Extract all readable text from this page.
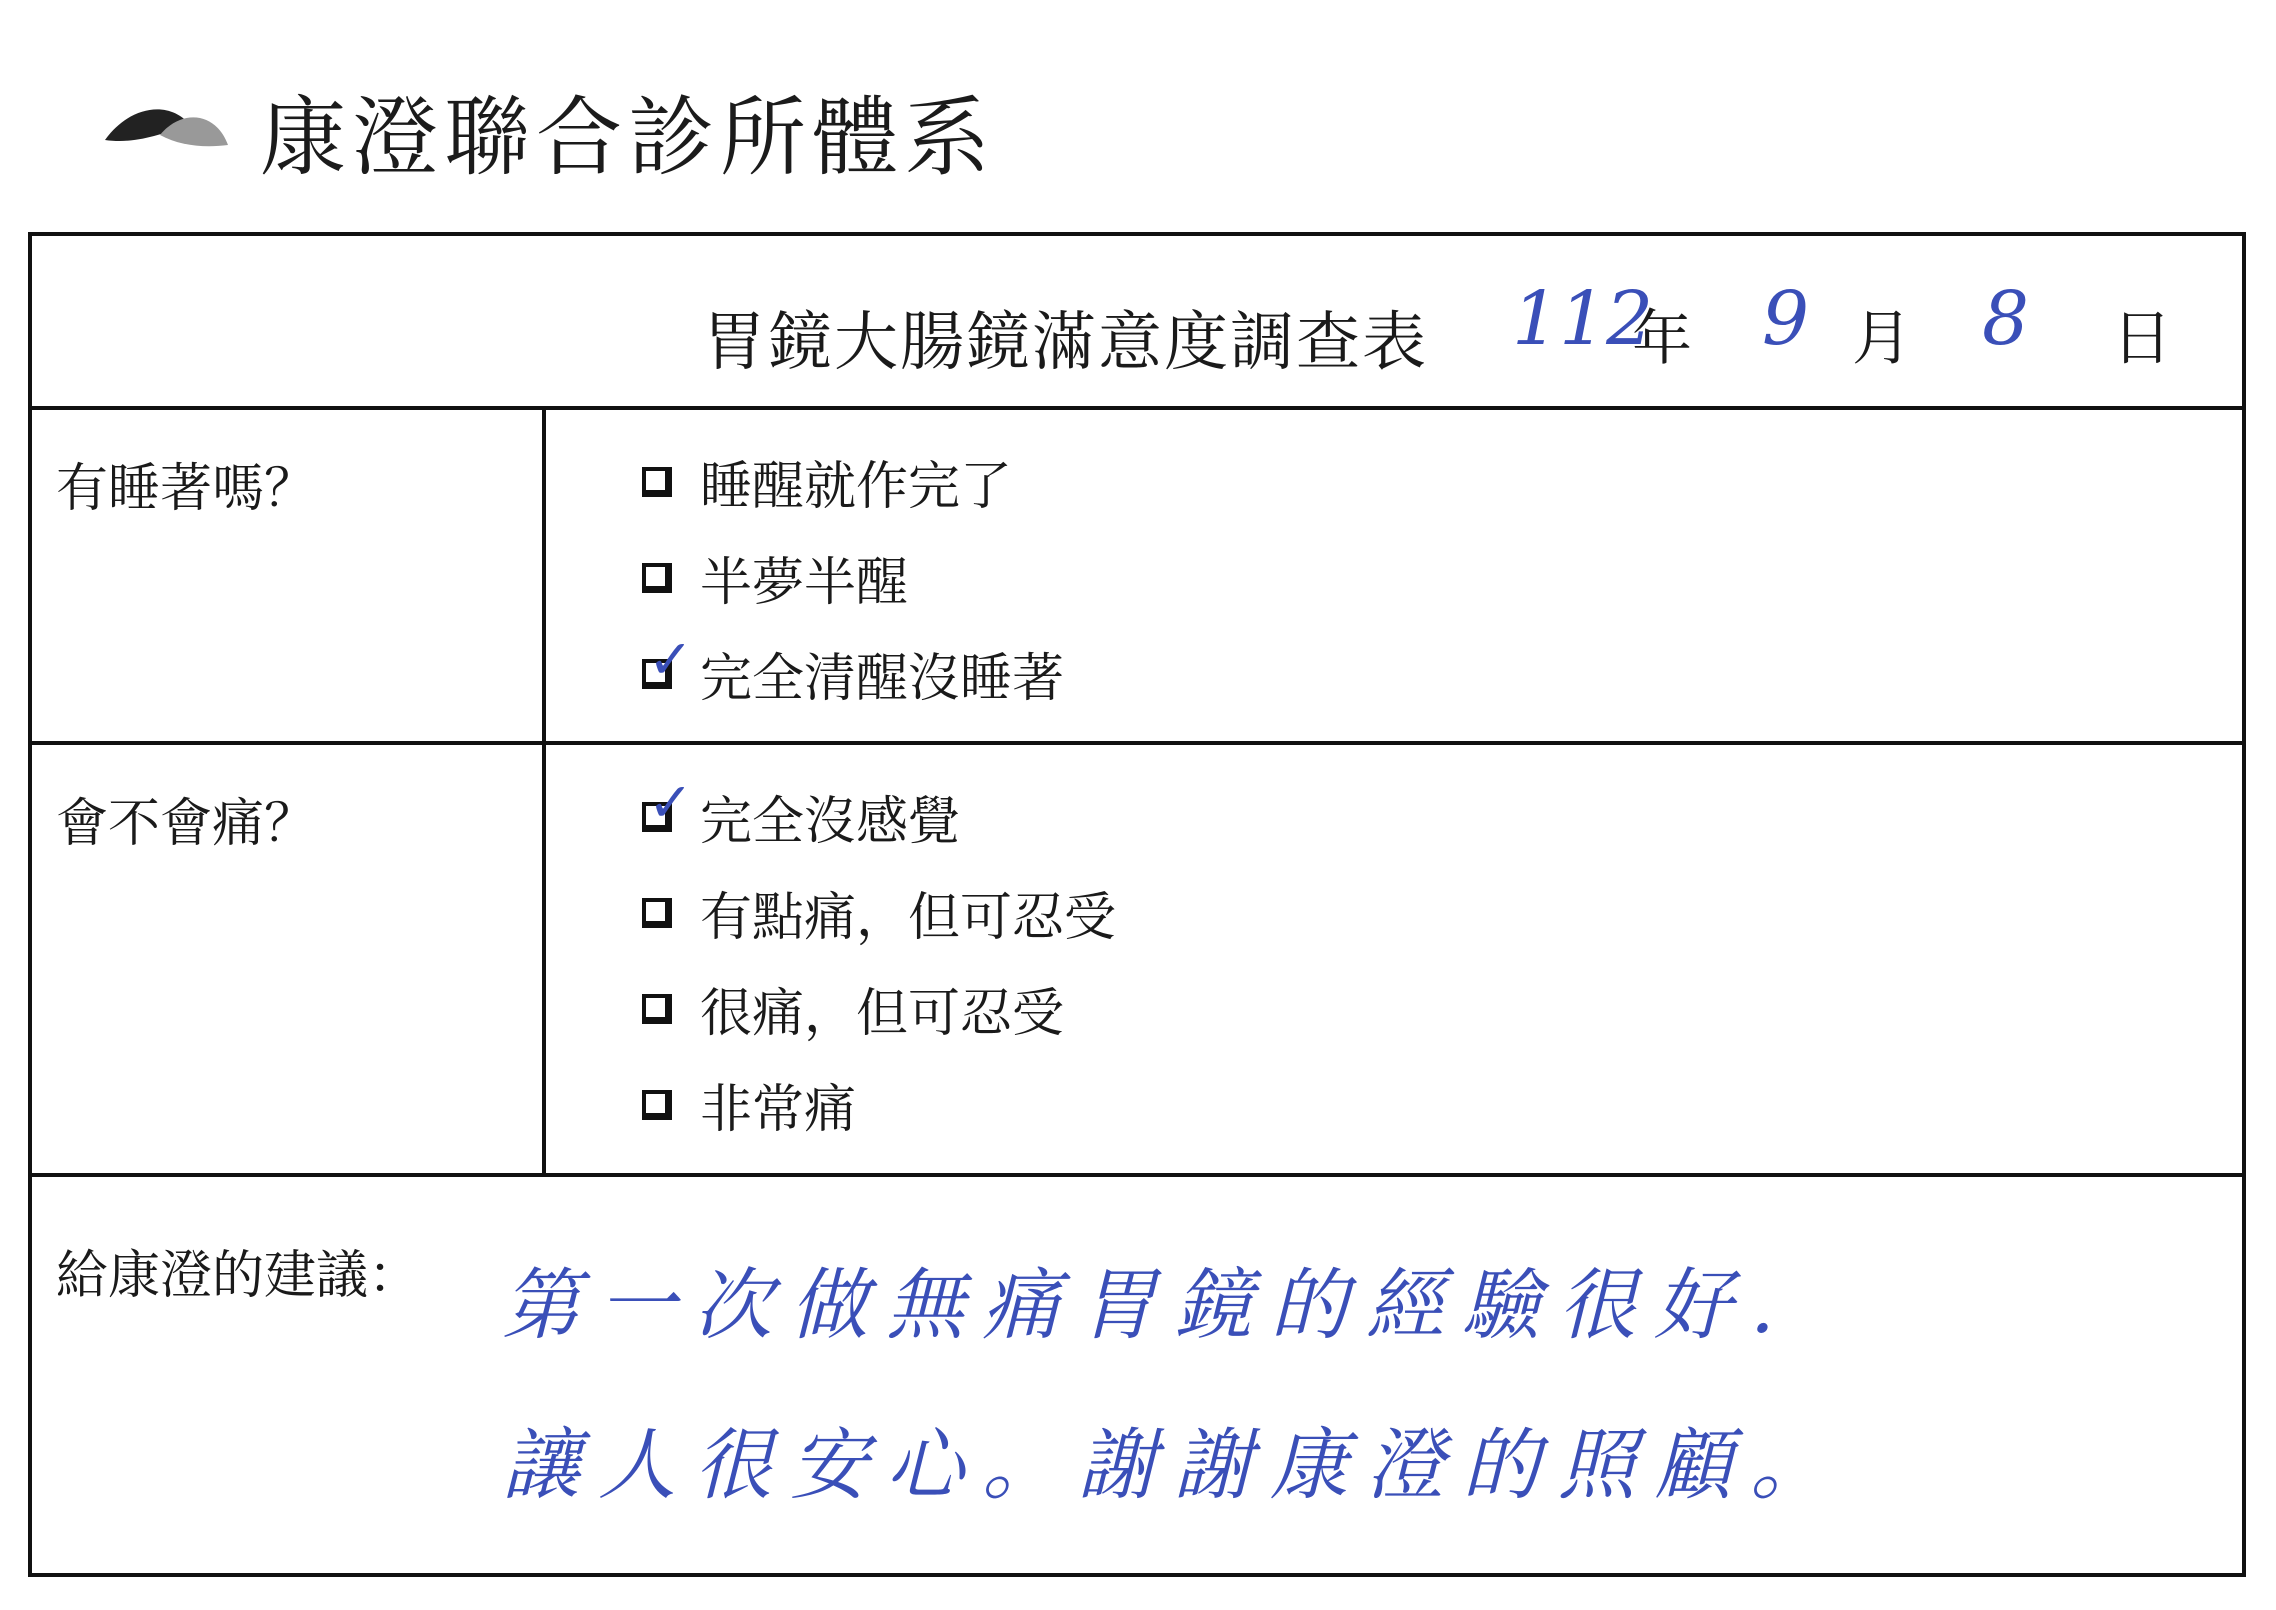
康澄聯合診所體系
胃鏡大腸鏡滿意度調查表 112
年 9 月 8 日
有睡著嗎？	睡醒就作完了
半夢半醒
✓ 完全清醒沒睡著
會不會痛？	✓ 完全沒感覺
有點痛，但可忍受
很痛，但可忍受
非常痛
給康澄的建議： 第一次做無痛胃鏡的經驗很好.
讓人很安心。謝謝康澄的照顧。
